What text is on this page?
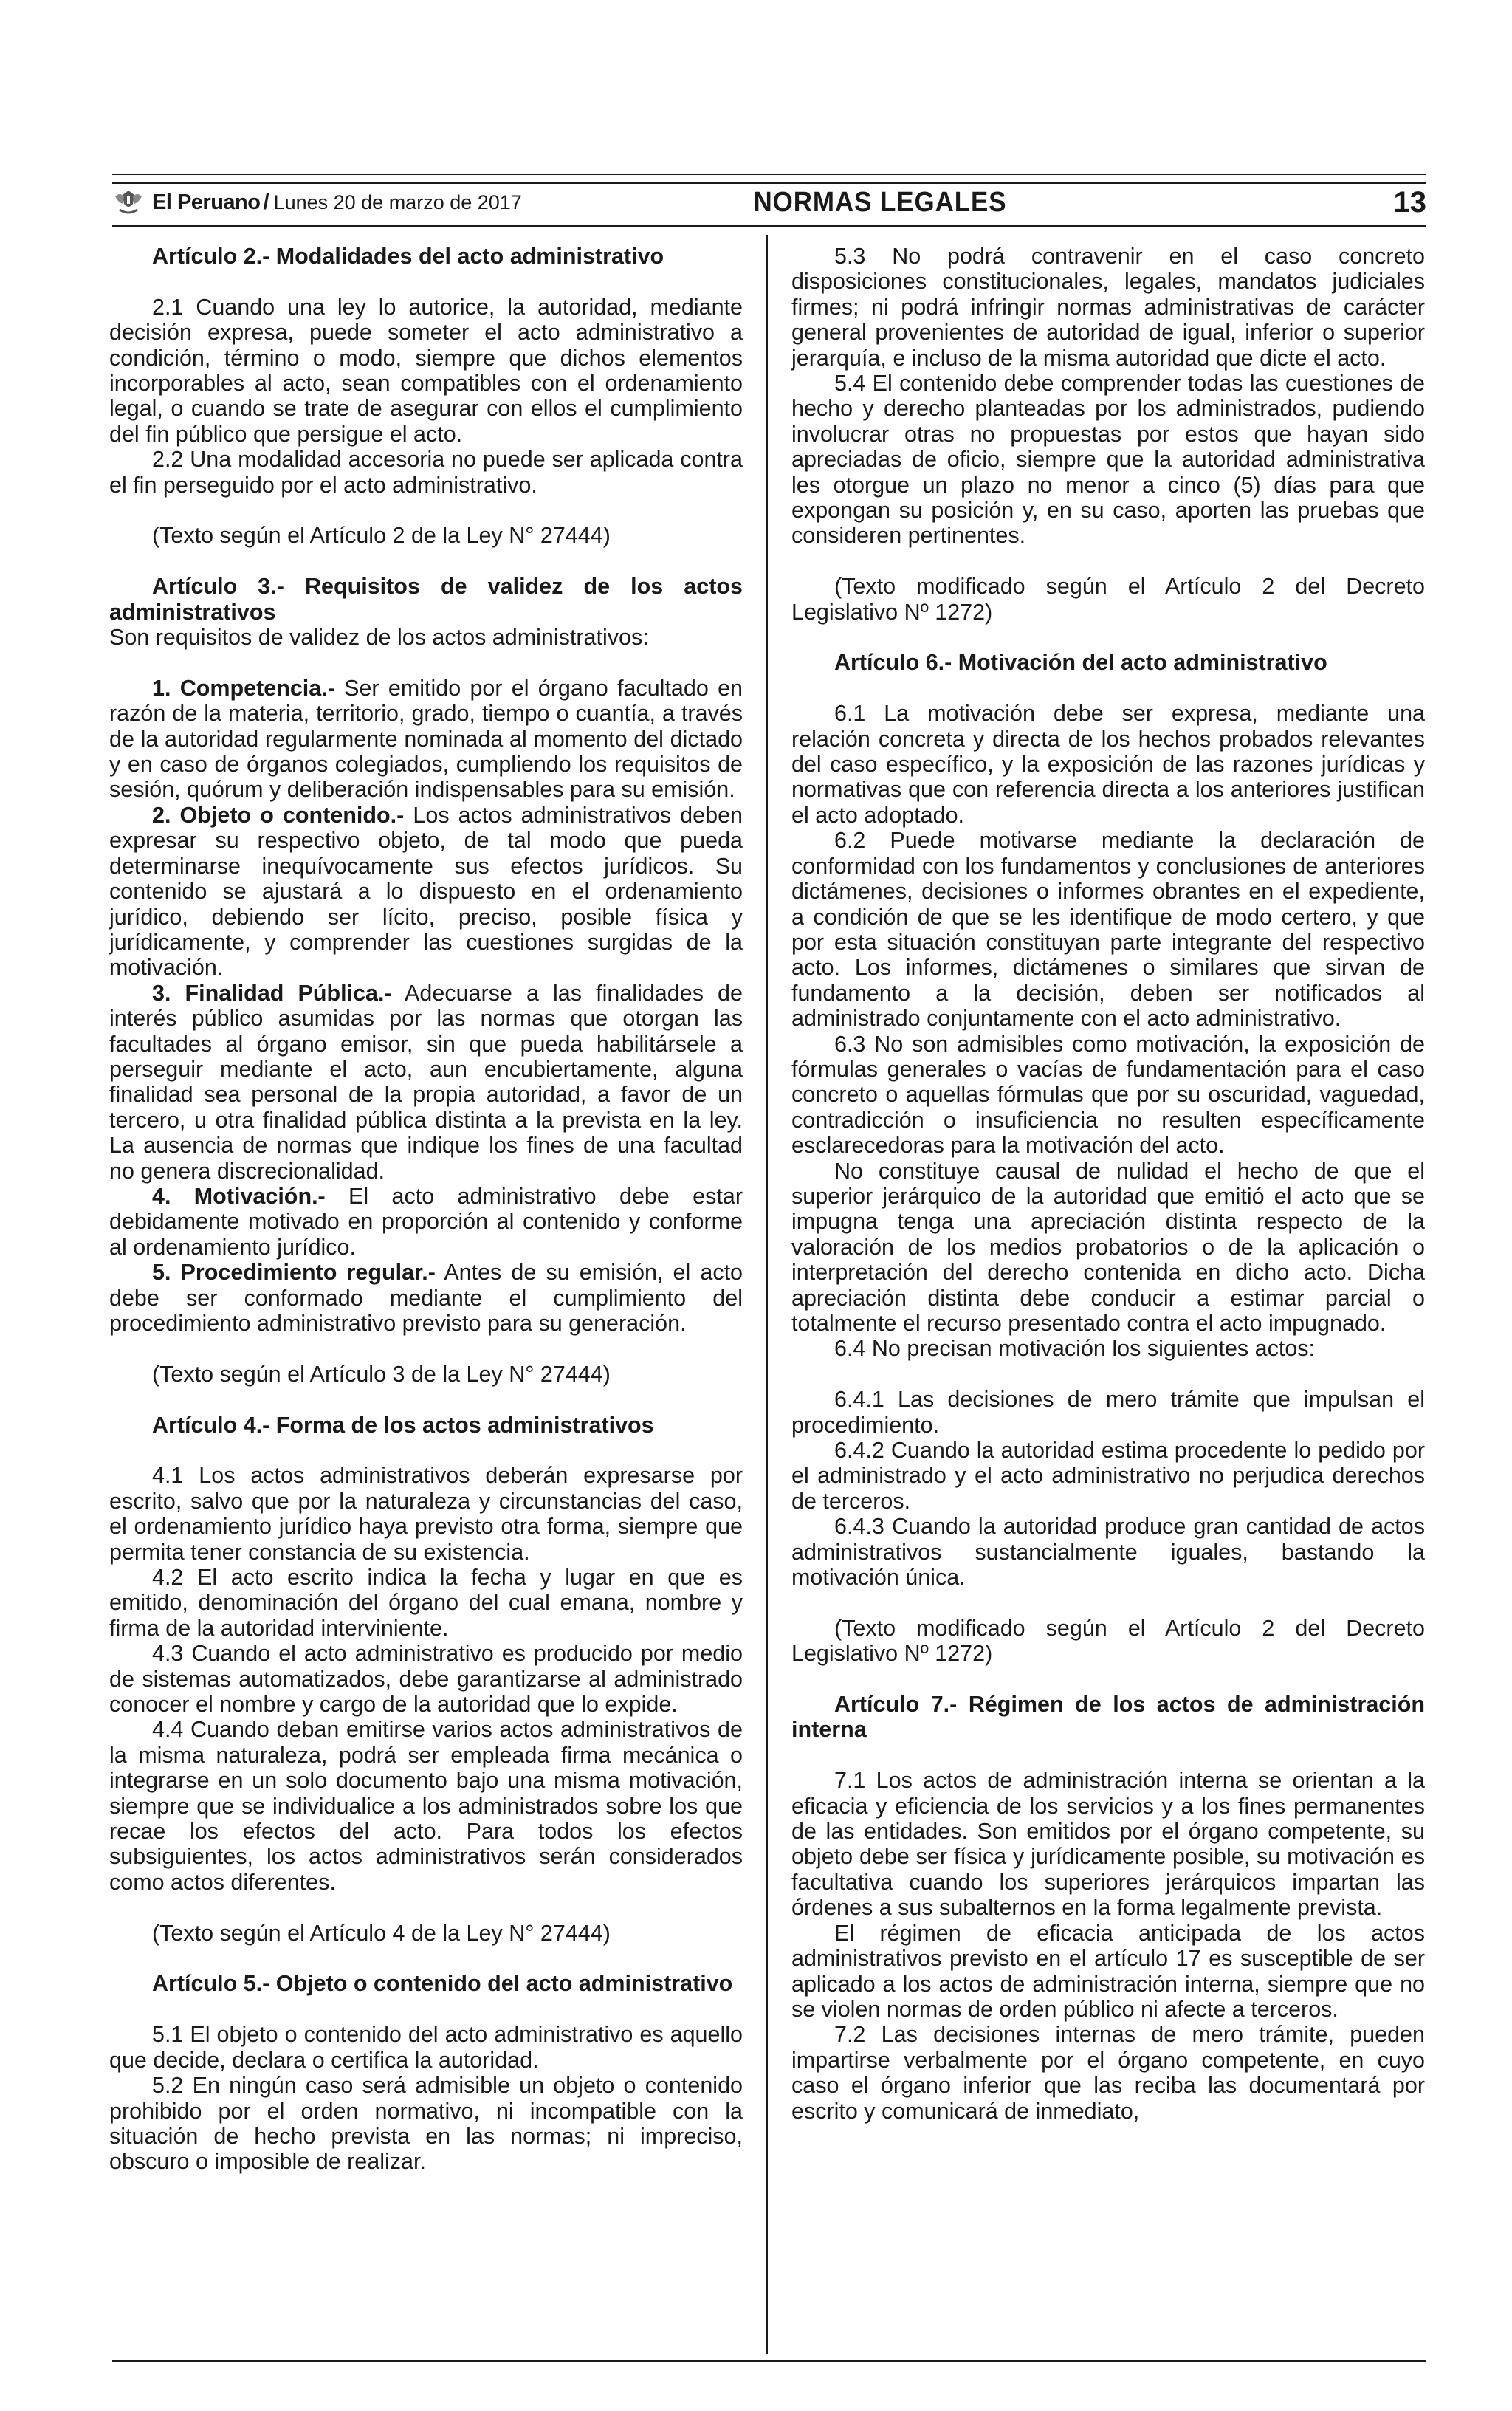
El Peruano / Lunes 20 de marzo de 2017	NORMAS LEGALES	13

Artículo 2.- Modalidades del acto administrativo

2.1 Cuando una ley lo autorice, la autoridad, mediante decisión expresa, puede someter el acto administrativo a condición, término o modo, siempre que dichos elementos incorporables al acto, sean compatibles con el ordenamiento legal, o cuando se trate de asegurar con ellos el cumplimiento del fin público que persigue el acto.

2.2 Una modalidad accesoria no puede ser aplicada contra el fin perseguido por el acto administrativo.

(Texto según el Artículo 2 de la Ley N° 27444)

Artículo 3.- Requisitos de validez de los actos administrativos

Son requisitos de validez de los actos administrativos:

1. Competencia.- Ser emitido por el órgano facultado en razón de la materia, territorio, grado, tiempo o cuantía, a través de la autoridad regularmente nominada al momento del dictado y en caso de órganos colegiados, cumpliendo los requisitos de sesión, quórum y deliberación indispensables para su emisión.

2. Objeto o contenido.- Los actos administrativos deben expresar su respectivo objeto, de tal modo que pueda determinarse inequívocamente sus efectos jurídicos. Su contenido se ajustará a lo dispuesto en el ordenamiento jurídico, debiendo ser lícito, preciso, posible física y jurídicamente, y comprender las cuestiones surgidas de la motivación.

3. Finalidad Pública.- Adecuarse a las finalidades de interés público asumidas por las normas que otorgan las facultades al órgano emisor, sin que pueda habilitársele a perseguir mediante el acto, aun encubiertamente, alguna finalidad sea personal de la propia autoridad, a favor de un tercero, u otra finalidad pública distinta a la prevista en la ley. La ausencia de normas que indique los fines de una facultad no genera discrecionalidad.

4. Motivación.- El acto administrativo debe estar debidamente motivado en proporción al contenido y conforme al ordenamiento jurídico.

5. Procedimiento regular.- Antes de su emisión, el acto debe ser conformado mediante el cumplimiento del procedimiento administrativo previsto para su generación.

(Texto según el Artículo 3 de la Ley N° 27444)

Artículo 4.- Forma de los actos administrativos

4.1 Los actos administrativos deberán expresarse por escrito, salvo que por la naturaleza y circunstancias del caso, el ordenamiento jurídico haya previsto otra forma, siempre que permita tener constancia de su existencia.

4.2 El acto escrito indica la fecha y lugar en que es emitido, denominación del órgano del cual emana, nombre y firma de la autoridad interviniente.

4.3 Cuando el acto administrativo es producido por medio de sistemas automatizados, debe garantizarse al administrado conocer el nombre y cargo de la autoridad que lo expide.

4.4 Cuando deban emitirse varios actos administrativos de la misma naturaleza, podrá ser empleada firma mecánica o integrarse en un solo documento bajo una misma motivación, siempre que se individualice a los administrados sobre los que recae los efectos del acto. Para todos los efectos subsiguientes, los actos administrativos serán considerados como actos diferentes.

(Texto según el Artículo 4 de la Ley N° 27444)

Artículo 5.- Objeto o contenido del acto administrativo

5.1 El objeto o contenido del acto administrativo es aquello que decide, declara o certifica la autoridad.

5.2 En ningún caso será admisible un objeto o contenido prohibido por el orden normativo, ni incompatible con la situación de hecho prevista en las normas; ni impreciso, obscuro o imposible de realizar.

5.3 No podrá contravenir en el caso concreto disposiciones constitucionales, legales, mandatos judiciales firmes; ni podrá infringir normas administrativas de carácter general provenientes de autoridad de igual, inferior o superior jerarquía, e incluso de la misma autoridad que dicte el acto.

5.4 El contenido debe comprender todas las cuestiones de hecho y derecho planteadas por los administrados, pudiendo involucrar otras no propuestas por estos que hayan sido apreciadas de oficio, siempre que la autoridad administrativa les otorgue un plazo no menor a cinco (5) días para que expongan su posición y, en su caso, aporten las pruebas que consideren pertinentes.

(Texto modificado según el Artículo 2 del Decreto Legislativo Nº 1272)

Artículo 6.- Motivación del acto administrativo

6.1 La motivación debe ser expresa, mediante una relación concreta y directa de los hechos probados relevantes del caso específico, y la exposición de las razones jurídicas y normativas que con referencia directa a los anteriores justifican el acto adoptado.

6.2 Puede motivarse mediante la declaración de conformidad con los fundamentos y conclusiones de anteriores dictámenes, decisiones o informes obrantes en el expediente, a condición de que se les identifique de modo certero, y que por esta situación constituyan parte integrante del respectivo acto. Los informes, dictámenes o similares que sirvan de fundamento a la decisión, deben ser notificados al administrado conjuntamente con el acto administrativo.

6.3 No son admisibles como motivación, la exposición de fórmulas generales o vacías de fundamentación para el caso concreto o aquellas fórmulas que por su oscuridad, vaguedad, contradicción o insuficiencia no resulten específicamente esclarecedoras para la motivación del acto.

No constituye causal de nulidad el hecho de que el superior jerárquico de la autoridad que emitió el acto que se impugna tenga una apreciación distinta respecto de la valoración de los medios probatorios o de la aplicación o interpretación del derecho contenida en dicho acto. Dicha apreciación distinta debe conducir a estimar parcial o totalmente el recurso presentado contra el acto impugnado.

6.4 No precisan motivación los siguientes actos:

6.4.1 Las decisiones de mero trámite que impulsan el procedimiento.

6.4.2 Cuando la autoridad estima procedente lo pedido por el administrado y el acto administrativo no perjudica derechos de terceros.

6.4.3 Cuando la autoridad produce gran cantidad de actos administrativos sustancialmente iguales, bastando la motivación única.

(Texto modificado según el Artículo 2 del Decreto Legislativo Nº 1272)

Artículo 7.- Régimen de los actos de administración interna

7.1 Los actos de administración interna se orientan a la eficacia y eficiencia de los servicios y a los fines permanentes de las entidades. Son emitidos por el órgano competente, su objeto debe ser física y jurídicamente posible, su motivación es facultativa cuando los superiores jerárquicos impartan las órdenes a sus subalternos en la forma legalmente prevista.

El régimen de eficacia anticipada de los actos administrativos previsto en el artículo 17 es susceptible de ser aplicado a los actos de administración interna, siempre que no se violen normas de orden público ni afecte a terceros.

7.2 Las decisiones internas de mero trámite, pueden impartirse verbalmente por el órgano competente, en cuyo caso el órgano inferior que las reciba las documentará por escrito y comunicará de inmediato,
